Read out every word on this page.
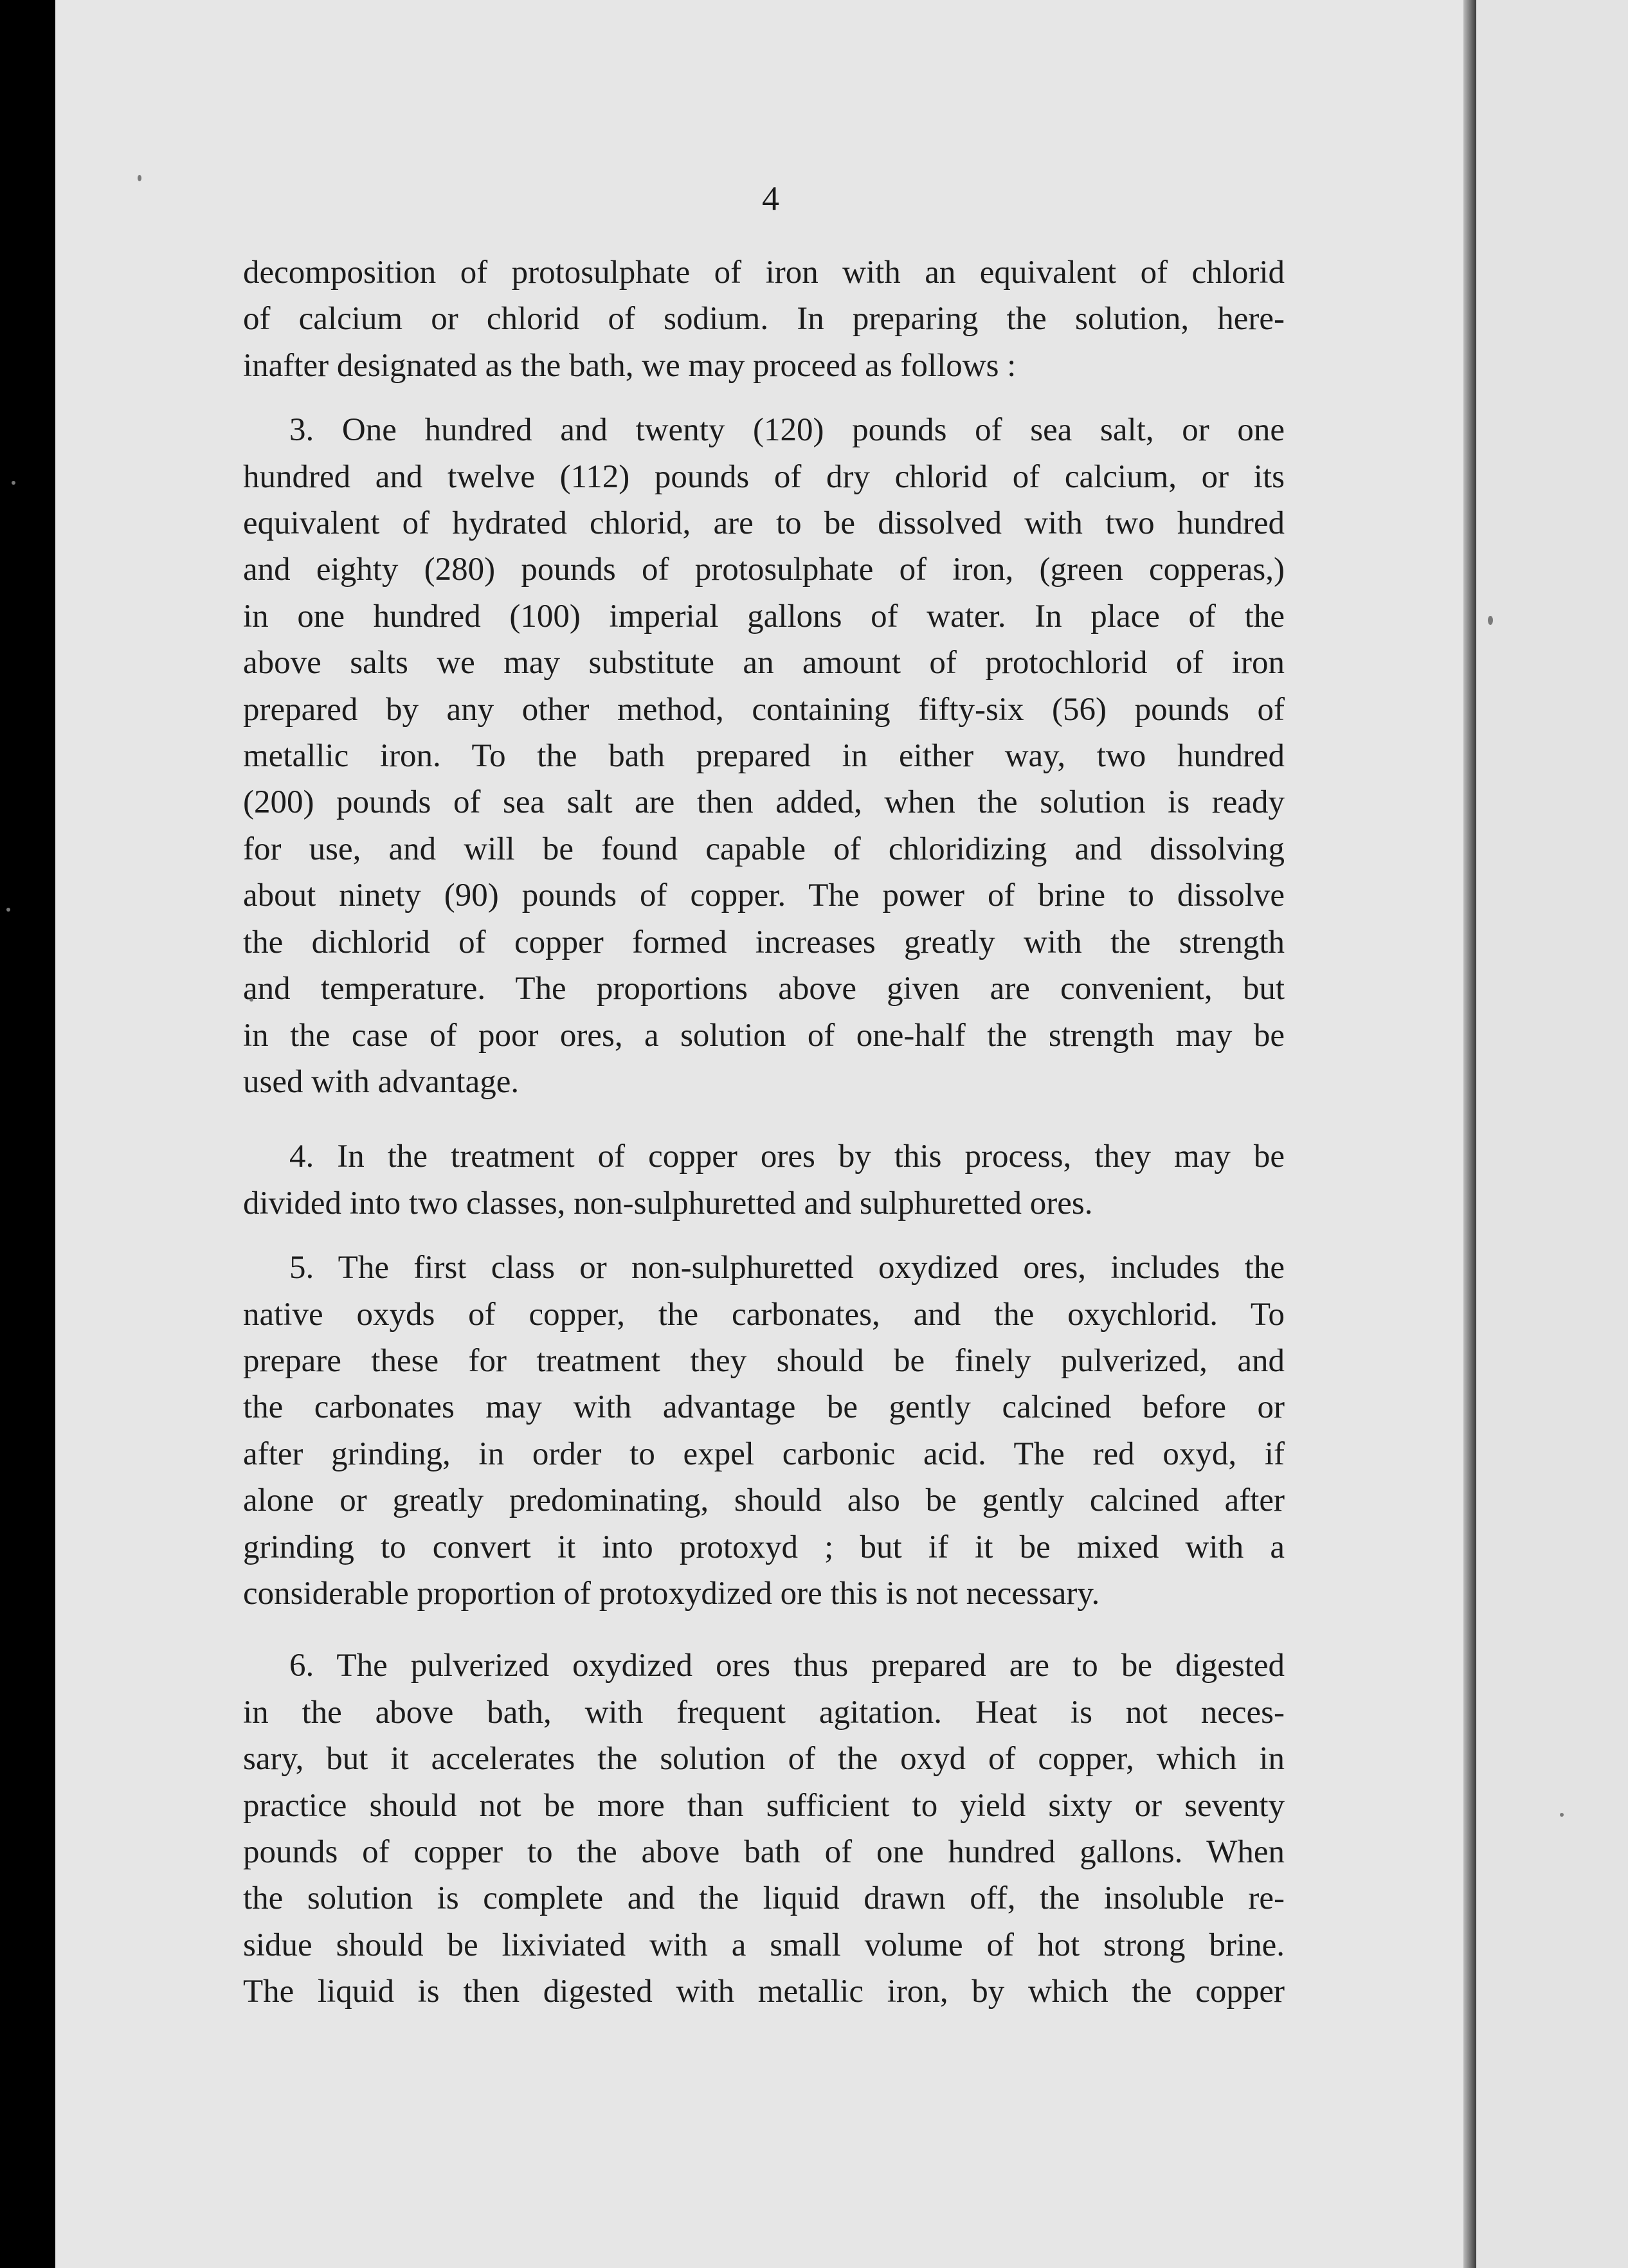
4
decomposition of protosulphate of iron with an equivalent of chlorid
of calcium or chlorid of sodium. In preparing the solution, here-
inafter designated as the bath, we may proceed as follows :
3. One hundred and twenty (120) pounds of sea salt, or one
hundred and twelve (112) pounds of dry chlorid of calcium, or its
equivalent of hydrated chlorid, are to be dissolved with two hundred
and eighty (280) pounds of protosulphate of iron, (green copperas,)
in one hundred (100) imperial gallons of water. In place of the
above salts we may substitute an amount of protochlorid of iron
prepared by any other method, containing fifty-six (56) pounds of
metallic iron. To the bath prepared in either way, two hundred
(200) pounds of sea salt are then added, when the solution is ready
for use, and will be found capable of chloridizing and dissolving
about ninety (90) pounds of copper. The power of brine to dissolve
the dichlorid of copper formed increases greatly with the strength
and temperature. The proportions above given are convenient, but
in the case of poor ores, a solution of one-half the strength may be
used with advantage.
4. In the treatment of copper ores by this process, they may be
divided into two classes, non-sulphuretted and sulphuretted ores.
5. The first class or non-sulphuretted oxydized ores, includes the
native oxyds of copper, the carbonates, and the oxychlorid. To
prepare these for treatment they should be finely pulverized, and
the carbonates may with advantage be gently calcined before or
after grinding, in order to expel carbonic acid. The red oxyd, if
alone or greatly predominating, should also be gently calcined after
grinding to convert it into protoxyd ; but if it be mixed with a
considerable proportion of protoxydized ore this is not necessary.
6. The pulverized oxydized ores thus prepared are to be digested
in the above bath, with frequent agitation. Heat is not neces-
sary, but it accelerates the solution of the oxyd of copper, which in
practice should not be more than sufficient to yield sixty or seventy
pounds of copper to the above bath of one hundred gallons. When
the solution is complete and the liquid drawn off, the insoluble re-
sidue should be lixiviated with a small volume of hot strong brine.
The liquid is then digested with metallic iron, by which the copper
